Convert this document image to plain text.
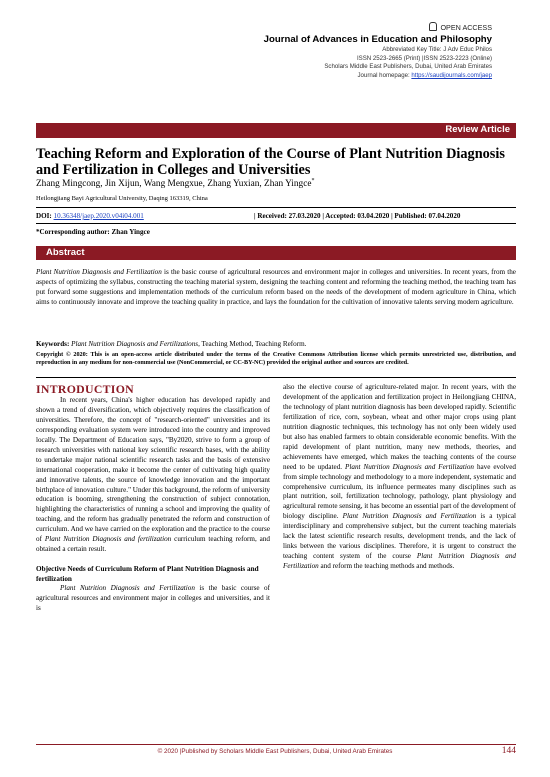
OPEN ACCESS
Journal of Advances in Education and Philosophy
Abbreviated Key Title: J Adv Educ Philos
ISSN 2523-2665 (Print) |ISSN 2523-2223 (Online)
Scholars Middle East Publishers, Dubai, United Arab Emirates
Journal homepage: https://saudijournals.com/jaep
Review Article
Teaching Reform and Exploration of the Course of Plant Nutrition Diagnosis and Fertilization in Colleges and Universities
Zhang Mingcong, Jin Xijun, Wang Mengxue, Zhang Yuxian, Zhan Yingce*
Heilongjiang Bayi Agricultural University, Daqing 163319, China
DOI: 10.36348/jaep.2020.v04i04.001	| Received: 27.03.2020 | Accepted: 03.04.2020 | Published: 07.04.2020
*Corresponding author: Zhan Yingce
Abstract
Plant Nutrition Diagnosis and Fertilization is the basic course of agricultural resources and environment major in colleges and universities. In recent years, from the aspects of optimizing the syllabus, constructing the teaching material system, designing the teaching content and reforming the teaching method, the teaching team has put forward some suggestions and implementation methods of the curriculum reform based on the needs of the development of modern agriculture in China, which aims to continuously innovate and improve the teaching quality in practice, and lays the foundation for the cultivation of innovative talents serving modern agriculture.
Keywords: Plant Nutrition Diagnosis and Fertilizations, Teaching Method, Teaching Reform.
Copyright © 2020: This is an open-access article distributed under the terms of the Creative Commons Attribution license which permits unrestricted use, distribution, and reproduction in any medium for non-commercial use (NonCommercial, or CC-BY-NC) provided the original author and sources are credited.
INTRODUCTION

In recent years, China's higher education has developed rapidly and shown a trend of diversification, which objectively requires the classification of universities. Therefore, the concept of "research-oriented" universities and its corresponding evaluation system were introduced into the country and improved locally. The Department of Education says, "By2020, strive to form a group of research universities with national key scientific research bases, with the ability to undertake major national scientific research tasks and the basis of extensive international cooperation, make it become the center of cultivating high quality and innovative talents, the source of knowledge innovation and the important birthplace of innovation culture." Under this background, the reform of university education is booming, strengthening the construction of subject connotation, highlighting the characteristics of running a school and improving the quality of teaching, and the reform has gradually penetrated the reform and construction of curriculum. And we have carried on the exploration and the practice to the course of Plant Nutrition Diagnosis and fertilization curriculum teaching reform, and obtained a certain result.

Objective Needs of Curriculum Reform of Plant Nutrition Diagnosis and fertilization

Plant Nutrition Diagnosis and Fertilization is the basic course of agricultural resources and environment major in colleges and universities, and it is

also the elective course of agriculture-related major. In recent years, with the development of the application and fertilization project in Heilongjiang CHINA, the technology of plant nutrition diagnosis has been developed rapidly. Scientific fertilization of rice, corn, soybean, wheat and other major crops using plant nutrition diagnostic techniques, this technology has not only been widely used but also has enabled farmers to obtain considerable economic benefits. With the rapid development of plant nutrition, many new methods, theories, and achievements have emerged, which makes the teaching contents of the course need to be updated. Plant Nutrition Diagnosis and Fertilization have evolved from simple technology and methodology to a more independent, systematic and comprehensive curriculum, its influence permeates many disciplines such as plant nutrition, soil, fertilization technology, pathology, plant physiology and agricultural remote sensing, it has become an essential part of the development of biology discipline. Plant Nutrition Diagnosis and Fertilization is a typical interdisciplinary and comprehensive subject, but the current teaching materials lack the latest scientific research results, development trends, and the lack of links between the various disciplines. Therefore, it is urgent to construct the teaching content system of the course Plant Nutrition Diagnosis and Fertilization and reform the teaching methods and methods.

© 2020 |Published by Scholars Middle East Publishers, Dubai, United Arab Emirates	144
